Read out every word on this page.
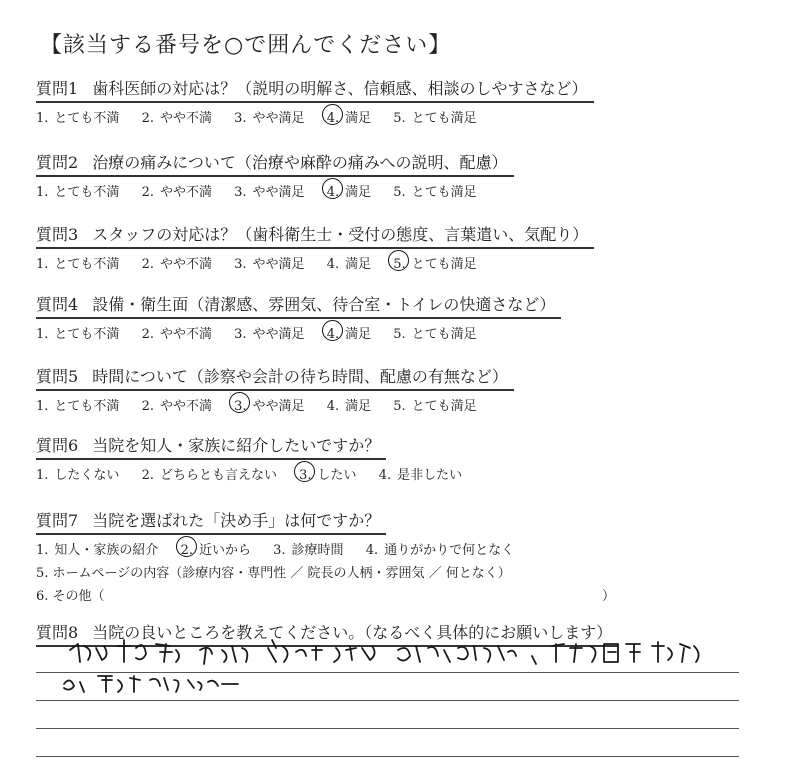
【該当する番号を○で囲んでください】
質問1 歯科医師の対応は？（説明の明解さ、信頼感、相談のしやすさなど）
1. とても不満 2. やや不満 3. やや満足 4. 満足 5. とても満足
質問2 治療の痛みについて（治療や麻酔の痛みへの説明、配慮）
1. とても不満 2. やや不満 3. やや満足 4. 満足 5. とても満足
質問3 スタッフの対応は？（歯科衛生士・受付の態度、言葉遣い、気配り）
1. とても不満 2. やや不満 3. やや満足 4. 満足 5. とても満足
質問4 設備・衛生面（清潔感、雰囲気、待合室・トイレの快適さなど）
1. とても不満 2. やや不満 3. やや満足 4. 満足 5. とても満足
質問5 時間について（診察や会計の待ち時間、配慮の有無など）
1. とても不満 2. やや不満 3. やや満足 4. 満足 5. とても満足
質問6 当院を知人・家族に紹介したいですか？
1. したくない 2. どちらとも言えない 3. したい 4. 是非したい
質問7 当院を選ばれた「決め手」は何ですか？
1. 知人・家族の紹介 2. 近いから 3. 診療時間 4. 通りがかりで何となく
5. ホームページの内容（診療内容・専門性 ／ 院長の人柄・雰囲気 ／ 何となく）
6. その他（	）
質問8 当院の良いところを教えてください。（なるべく具体的にお願いします）
